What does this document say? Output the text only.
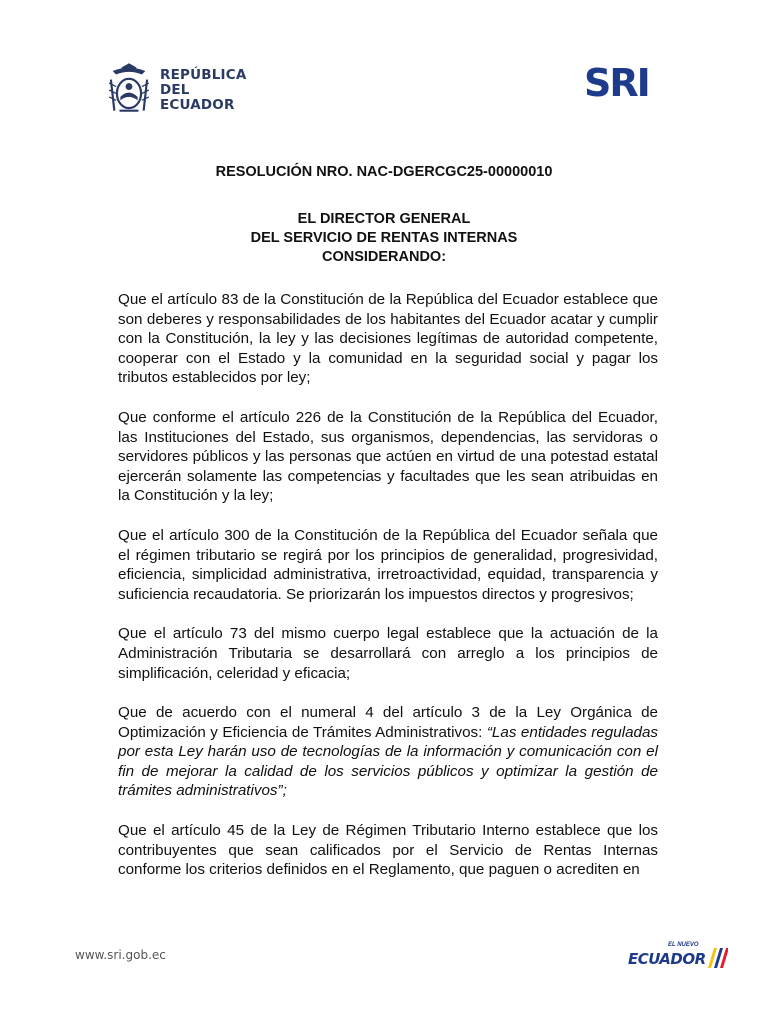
REPÚBLICA
DEL ECUADOR	SRI
RESOLUCIÓN NRO. NAC-DGERCGC25-00000010
EL DIRECTOR GENERAL
DEL SERVICIO DE RENTAS INTERNAS
CONSIDERANDO:

Que el artículo 83 de la Constitución de la República del Ecuador establece que son deberes y responsabilidades de los habitantes del Ecuador acatar y cumplir con la Constitución, la ley y las decisiones legítimas de autoridad competente, cooperar con el Estado y la comunidad en la seguridad social y pagar los tributos establecidos por ley;

Que conforme el artículo 226 de la Constitución de la República del Ecuador, las Instituciones del Estado, sus organismos, dependencias, las servidoras o servidores públicos y las personas que actúen en virtud de una potestad estatal ejercerán solamente las competencias y facultades que les sean atribuidas en la Constitución y la ley;

Que el artículo 300 de la Constitución de la República del Ecuador señala que el régimen tributario se regirá por los principios de generalidad, progresividad, eficiencia, simplicidad administrativa, irretroactividad, equidad, transparencia y suficiencia recaudatoria. Se priorizarán los impuestos directos y progresivos;

Que el artículo 73 del mismo cuerpo legal establece que la actuación de la Administración Tributaria se desarrollará con arreglo a los principios de simplificación, celeridad y eficacia;

Que de acuerdo con el numeral 4 del artículo 3 de la Ley Orgánica de Optimización y Eficiencia de Trámites Administrativos: “Las entidades reguladas por esta Ley harán uso de tecnologías de la información y comunicación con el fin de mejorar la calidad de los servicios públicos y optimizar la gestión de trámites administrativos”;

Que el artículo 45 de la Ley de Régimen Tributario Interno establece que los contribuyentes que sean calificados por el Servicio de Rentas Internas conforme los criterios definidos en el Reglamento, que paguen o acrediten en

www.sri.gob.ec
EL NUEVO
ECUADOR
